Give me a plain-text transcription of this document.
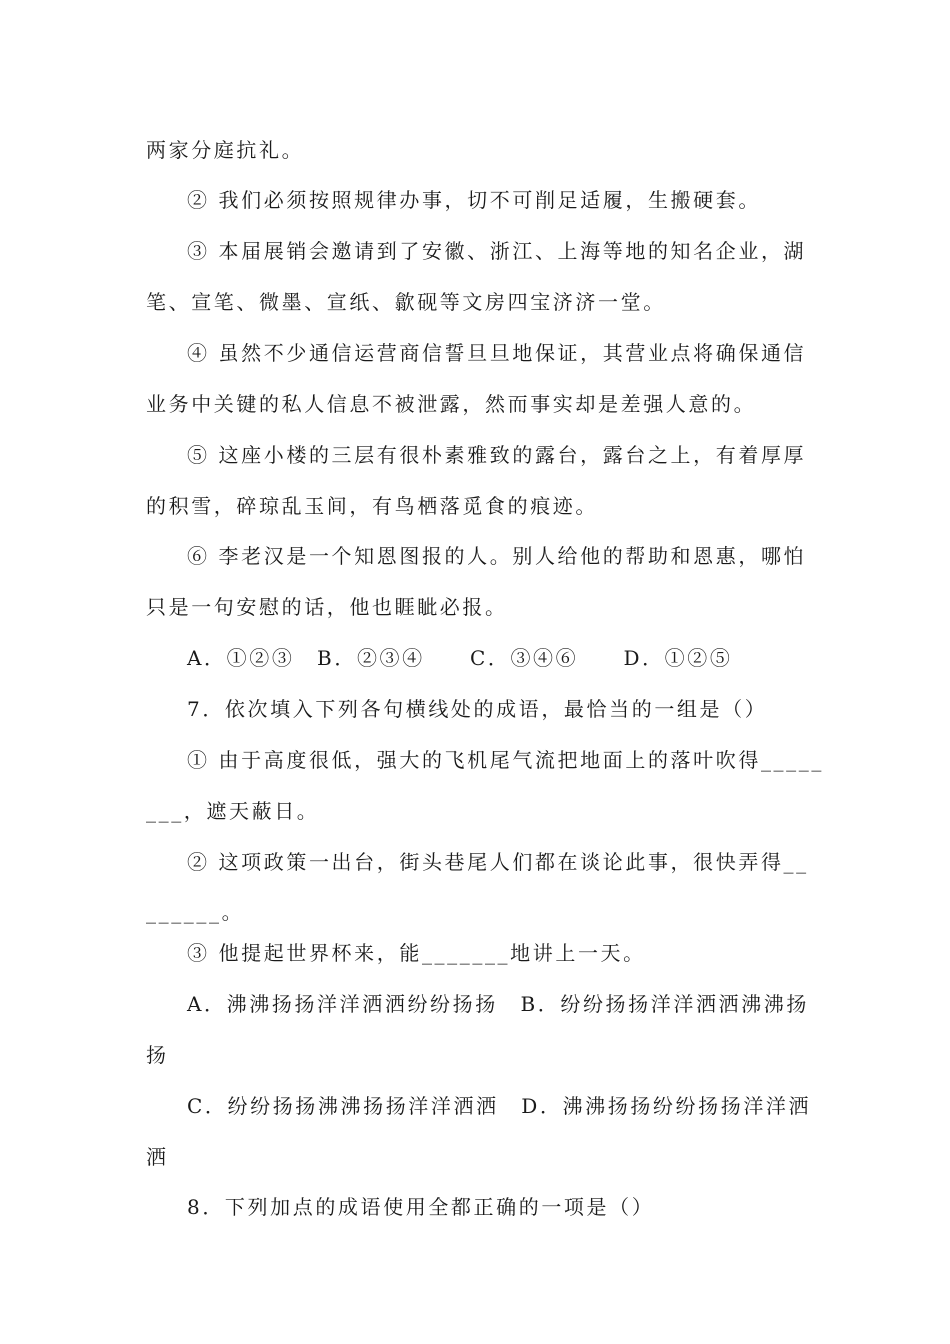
两家分庭抗礼。
② 我们必须按照规律办事，切不可削足适履，生搬硬套。
③ 本届展销会邀请到了安徽、浙江、上海等地的知名企业，湖
笔、宣笔、微墨、宣纸、歙砚等文房四宝济济一堂。
④ 虽然不少通信运营商信誓旦旦地保证，其营业点将确保通信
业务中关键的私人信息不被泄露，然而事实却是差强人意的。
⑤ 这座小楼的三层有很朴素雅致的露台，露台之上，有着厚厚
的积雪，碎琼乱玉间，有鸟栖落觅食的痕迹。
⑥ 李老汉是一个知恩图报的人。别人给他的帮助和恩惠，哪怕
只是一句安慰的话，他也睚眦必报。
A．①②③　B．②③④　　C．③④⑥　　D．①②⑤
7．依次填入下列各句横线处的成语，最恰当的一组是（）
① 由于高度很低，强大的飞机尾气流把地面上的落叶吹得_____
___，遮天蔽日。
② 这项政策一出台，街头巷尾人们都在谈论此事，很快弄得__
______。
③ 他提起世界杯来，能_______地讲上一天。
A．沸沸扬扬洋洋洒洒纷纷扬扬　B．纷纷扬扬洋洋洒洒沸沸扬
扬
C．纷纷扬扬沸沸扬扬洋洋洒洒　D．沸沸扬扬纷纷扬扬洋洋洒
洒
8．下列加点的成语使用全都正确的一项是（）
